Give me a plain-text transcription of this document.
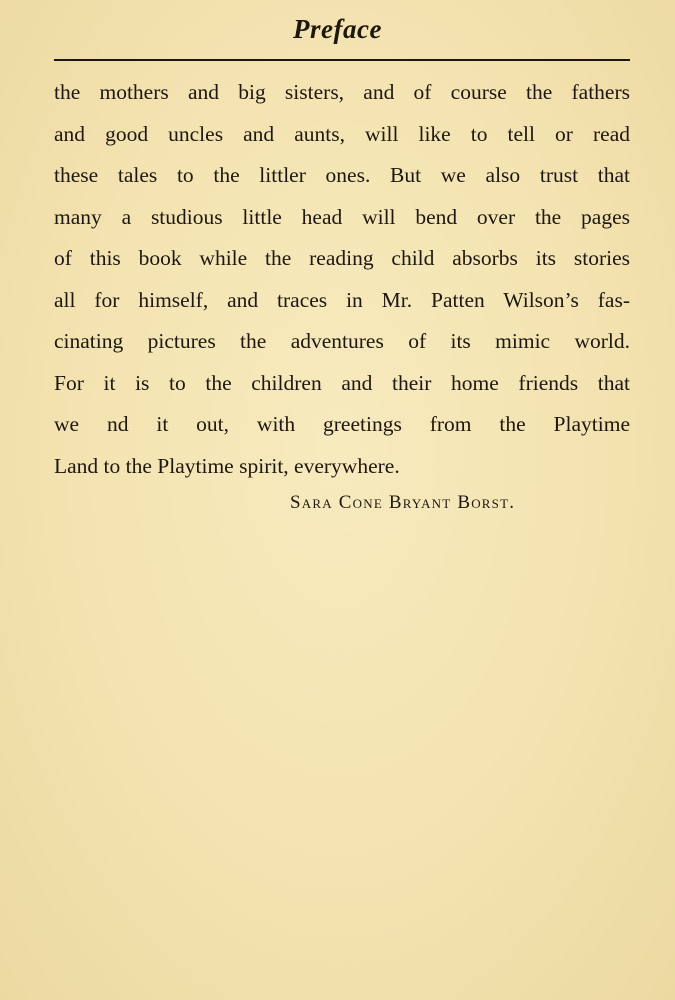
Preface
the mothers and big sisters, and of course the fathers
and good uncles and aunts, will like to tell or read
these tales to the littler ones. But we also trust that
many a studious little head will bend over the pages
of this book while the reading child absorbs its stories
all for himself, and traces in Mr. Patten Wilson’s fas-
cinating pictures the adventures of its mimic world.
For it is to the children and their home friends that
we nd it out, with greetings from the Playtime
Land to the Playtime spirit, everywhere.
Sara Cone Bryant Borst.
